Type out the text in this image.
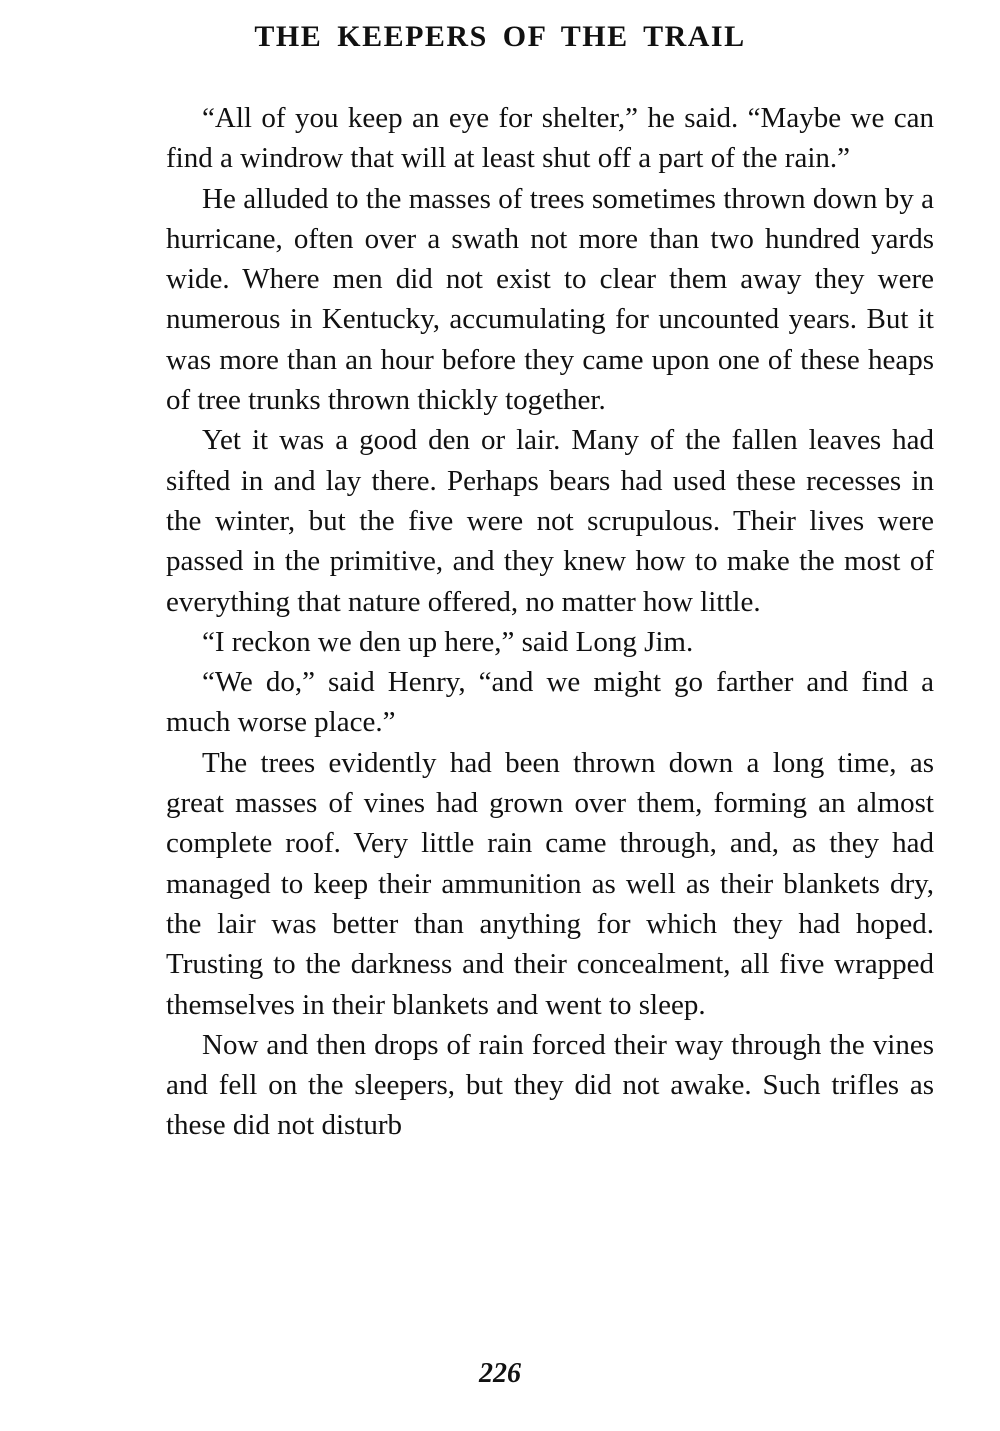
THE KEEPERS OF THE TRAIL

“All of you keep an eye for shelter,” he said. “Maybe we can find a windrow that will at least shut off a part of the rain.”

He alluded to the masses of trees sometimes thrown down by a hurricane, often over a swath not more than two hundred yards wide. Where men did not exist to clear them away they were numerous in Kentucky, accumulating for uncounted years. But it was more than an hour before they came upon one of these heaps of tree trunks thrown thickly together.

Yet it was a good den or lair. Many of the fallen leaves had sifted in and lay there. Perhaps bears had used these recesses in the winter, but the five were not scrupulous. Their lives were passed in the primitive, and they knew how to make the most of everything that nature offered, no matter how little.

“I reckon we den up here,” said Long Jim.

“We do,” said Henry, “and we might go farther and find a much worse place.”

The trees evidently had been thrown down a long time, as great masses of vines had grown over them, forming an almost complete roof. Very little rain came through, and, as they had managed to keep their ammunition as well as their blankets dry, the lair was better than anything for which they had hoped. Trusting to the darkness and their concealment, all five wrapped themselves in their blankets and went to sleep.

Now and then drops of rain forced their way through the vines and fell on the sleepers, but they did not awake. Such trifles as these did not disturb

226
